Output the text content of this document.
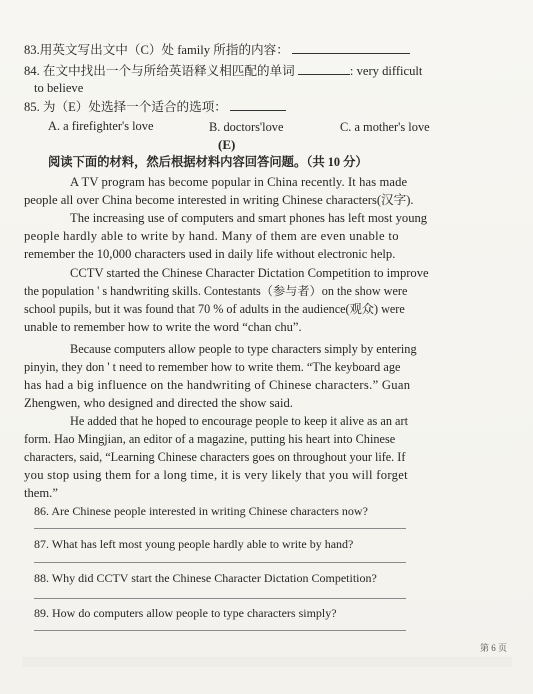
83.用英文写出文中（C）处 family 所指的内容：
84. 在文中找出一个与所给英语释义相匹配的单词	: very difficult
to believe
85. 为（E）处选择一个适合的选项：
A. a firefighter's love	B. doctors'love	C. a mother's love
(E)
阅读下面的材料，然后根据材料内容回答问题。（共 10 分）
A TV program has become popular in China recently. It has made
people all over China become interested in writing Chinese characters(汉字).
The increasing use of computers and smart phones has left most young
people hardly able to write by hand. Many of them are even unable to
remember the 10,000 characters used in daily life without electronic help.
CCTV started the Chinese Character Dictation Competition to improve
the population ' s handwriting skills. Contestants（参与者）on the show were
school pupils, but it was found that 70 % of adults in the audience(观众) were
unable to remember how to write the word “chan chu”.
Because computers allow people to type characters simply by entering
pinyin, they don ' t need to remember how to write them. “The keyboard age
has had a big influence on the handwriting of Chinese characters.” Guan
Zhengwen, who designed and directed the show said.
He added that he hoped to encourage people to keep it alive as an art
form. Hao Mingjian, an editor of a magazine, putting his heart into Chinese
characters, said, “Learning Chinese characters goes on throughout your life. If
you stop using them for a long time, it is very likely that you will forget
them.”
86. Are Chinese people interested in writing Chinese characters now?
87. What has left most young people hardly able to write by hand?
88. Why did CCTV start the Chinese Character Dictation Competition?
89. How do computers allow people to type characters simply?
第 6 页
